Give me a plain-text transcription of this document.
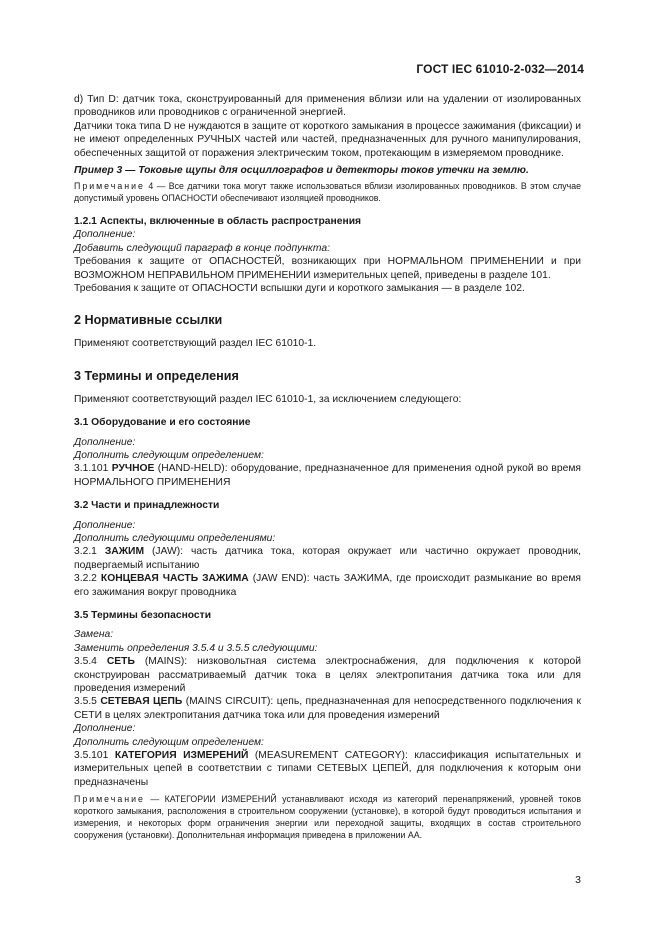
ГОСТ IEC 61010-2-032—2014

d) Тип D: датчик тока, сконструированный для применения вблизи или на удалении от изолированных проводников или проводников с ограниченной энергией.

Датчики тока типа D не нуждаются в защите от короткого замыкания в процессе зажимания (фиксации) и не имеют определенных РУЧНЫХ частей или частей, предназначенных для ручного манипулирования, обеспеченных защитой от поражения электрическим током, протекающим в измеряемом проводнике.

Пример 3 — Токовые щупы для осциллографов и детекторы токов утечки на землю.

Примечание 4 — Все датчики тока могут также использоваться вблизи изолированных проводников. В этом случае допустимый уровень ОПАСНОСТИ обеспечивают изоляцией проводников.

1.2.1 Аспекты, включенные в область распространения

Дополнение:

Добавить следующий параграф в конце подпункта:

Требования к защите от ОПАСНОСТЕЙ, возникающих при НОРМАЛЬНОМ ПРИМЕНЕНИИ и при ВОЗМОЖНОМ НЕПРАВИЛЬНОМ ПРИМЕНЕНИИ измерительных цепей, приведены в разделе 101.

Требования к защите от ОПАСНОСТИ вспышки дуги и короткого замыкания — в разделе 102.

2 Нормативные ссылки

Применяют соответствующий раздел IEC 61010-1.

3 Термины и определения

Применяют соответствующий раздел IEC 61010-1, за исключением следующего:

3.1 Оборудование и его состояние

Дополнение:

Дополнить следующим определением:

3.1.101 РУЧНОЕ (HAND-HELD): оборудование, предназначенное для применения одной рукой во время НОРМАЛЬНОГО ПРИМЕНЕНИЯ

3.2 Части и принадлежности

Дополнение:

Дополнить следующими определениями:

3.2.1 ЗАЖИМ (JAW): часть датчика тока, которая окружает или частично окружает проводник, подвергаемый испытанию

3.2.2 КОНЦЕВАЯ ЧАСТЬ ЗАЖИМА (JAW END): часть ЗАЖИМА, где происходит размыкание во время его зажимания вокруг проводника

3.5 Термины безопасности

Замена:

Заменить определения 3.5.4 и 3.5.5 следующими:

3.5.4 СЕТЬ (MAINS): низковольтная система электроснабжения, для подключения к которой сконструирован рассматриваемый датчик тока в целях электропитания датчика тока или для проведения измерений

3.5.5 СЕТЕВАЯ ЦЕПЬ (MAINS CIRCUIT): цепь, предназначенная для непосредственного подключения к СЕТИ в целях электропитания датчика тока или для проведения измерений

Дополнение:

Дополнить следующим определением:

3.5.101 КАТЕГОРИЯ ИЗМЕРЕНИЙ (MEASUREMENT CATEGORY): классификация испытательных и измерительных цепей в соответствии с типами СЕТЕВЫХ ЦЕПЕЙ, для подключения к которым они предназначены

Примечание — КАТЕГОРИИ ИЗМЕРЕНИЙ устанавливают исходя из категорий перенапряжений, уровней токов короткого замыкания, расположения в строительном сооружении (установке), в которой будут проводиться испытания и измерения, и некоторых форм ограничения энергии или переходной защиты, входящих в состав строительного сооружения (установки). Дополнительная информация приведена в приложении АА.

3
